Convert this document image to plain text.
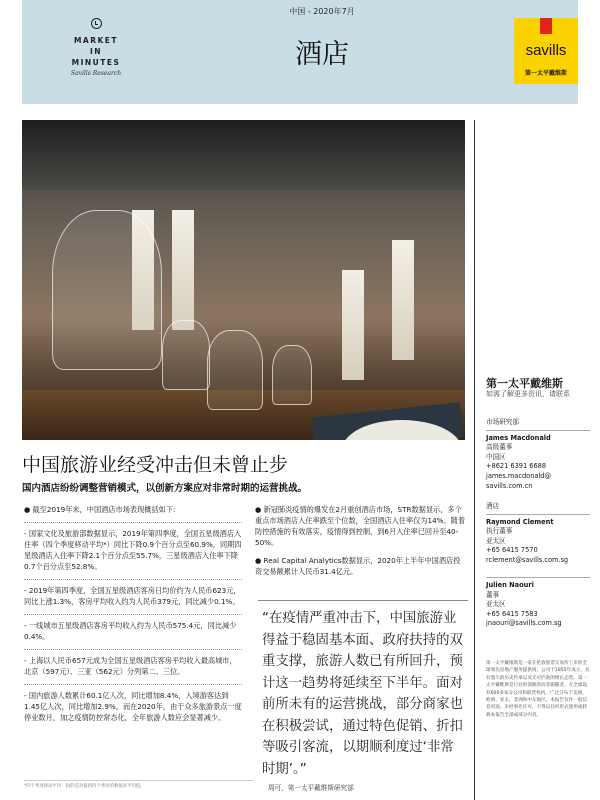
MARKET
IN
MINUTES
Savills Research
中国 - 2020年7月
酒店	savills
第一太平戴维斯
中国旅游业经受冲击但未曾止步
国内酒店纷纷调整营销模式，以创新方案应对非常时期的运营挑战。
● 截至2019年末，中国酒店市场表现概括如下:
- 国家文化及旅游部数据显示，2019年第四季度，全国五星级酒店入住率（四个季度移动平均*）同比下降0.9个百分点至60.9%，同期四星级酒店入住率下降2.1个百分点至55.7%，三星级酒店入住率下降0.7个百分点至52.8%。
- 2019年第四季度，全国五星级酒店客房日均价约为人民币623元，同比上涨1.3%，客房平均收入约为人民币379元，同比减少0.1%。
- 一线城市五星级酒店客房平均收入约为人民币575.4元，同比减少0.4%。
- 上海以人民币657元成为全国五星级酒店客房平均收入最高城市，北京（597元）、三亚（562元）分列第二、三位。
- 国内旅游人数累计60.1亿人次，同比增加8.4%，入境游客达到1.45亿人次，同比增加2.9%。而在2020年，由于众多旅游景点一度停业数月，加之疫情防控常态化，全年旅游人数应会显著减少。
● 新冠肺炎疫情的爆发在2月重创酒店市场，STR数据显示，多个重点市场酒店入住率跌至个位数，全国酒店入住率仅为14%。随着防控措施的有效落实，疫情得到控制，到6月入住率已回升至40-50%。
● Real Capital Analytics数据显示，2020年上半年中国酒店投资交易额累计人民币31.4亿元。
“在疫情严重冲击下，中国旅游业得益于稳固基本面、政府扶持的双重支撑，旅游人数已有所回升，预计这一趋势将延续至下半年。面对前所未有的运营挑战，部分商家也在积极尝试，通过特色促销、折扣等吸引客流，以期顺利度过‘非常时期’。”
周可，第一太平戴维斯研究部
*四个季度移动平均：指的是对最新四个季度的数据求平均值。
第一太平戴维斯
如需了解更多资讯，请联系
市场研究部
James Macdonald
高级董事
中国区
+8621 6391 6688
james.macdonald@
savills.com.cn
酒店
Raymond Clement
执行董事
亚太区
+65 6415 7570
rclement@savills.com.sg
Julien Naouri
董事
亚太区
+65 6415 7583
jnaouri@savills.com.sg
第一太平戴维斯是一家在伦敦股票交易所上市的全球领先房地产服务提供商。公司于1855年成立，具有悠久的历史传承以及无可匹敌的增长态势。第一太平戴维斯是行业的领跑者而非跟随者，在全球设有600多家分公司和联营机构，广泛分布于美洲、欧洲、亚太、非洲和中东地区。本报告仅作一般信息用途。未经事先许可，不得以任何形式使用或转载本报告全部或部分内容。
